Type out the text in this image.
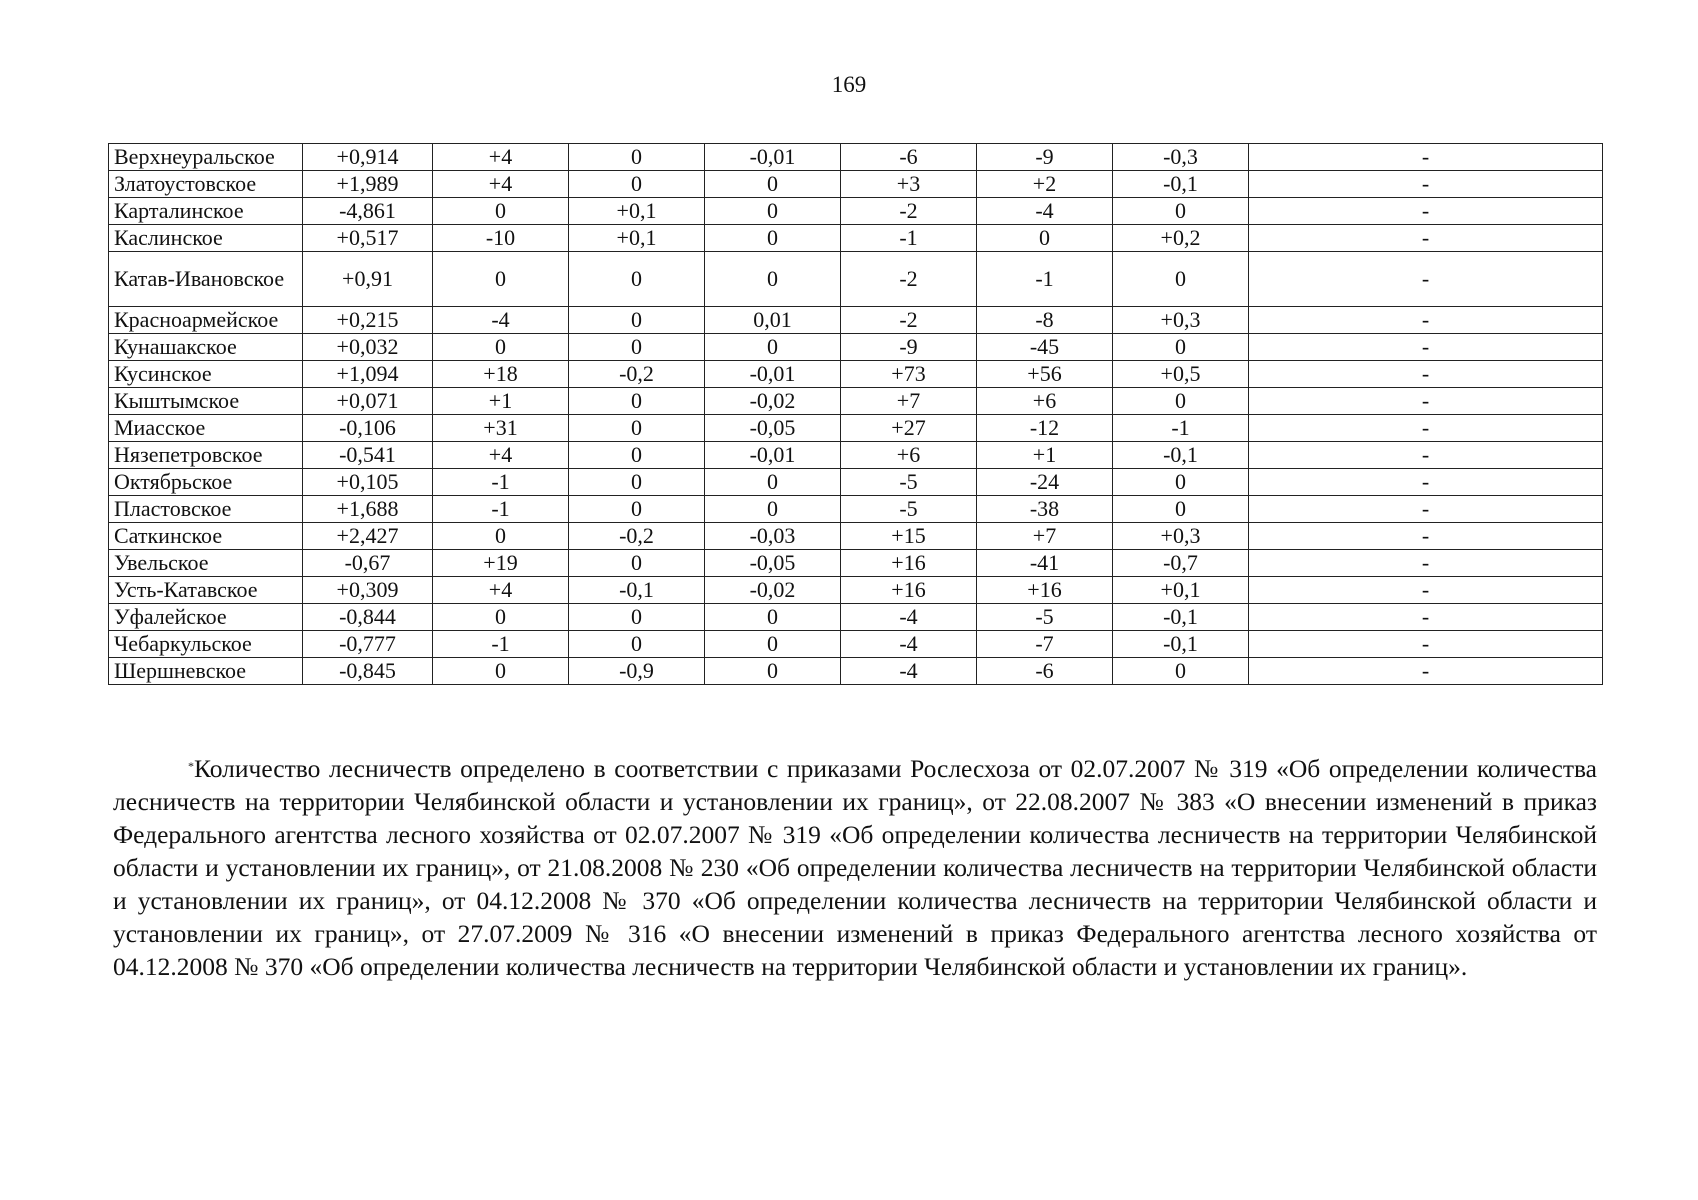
169
Верхнеуральское	+0,914	+4	0	-0,01	-6	-9	-0,3	-
Златоустовское	+1,989	+4	0	0	+3	+2	-0,1	-
Карталинское	-4,861	0	+0,1	0	-2	-4	0	-
Каслинское	+0,517	-10	+0,1	0	-1	0	+0,2	-
Катав-Ивановское	+0,91	0	0	0	-2	-1	0	-
Красноармейское	+0,215	-4	0	0,01	-2	-8	+0,3	-
Кунашакское	+0,032	0	0	0	-9	-45	0	-
Кусинское	+1,094	+18	-0,2	-0,01	+73	+56	+0,5	-
Кыштымское	+0,071	+1	0	-0,02	+7	+6	0	-
Миасское	-0,106	+31	0	-0,05	+27	-12	-1	-
Нязепетровское	-0,541	+4	0	-0,01	+6	+1	-0,1	-
Октябрьское	+0,105	-1	0	0	-5	-24	0	-
Пластовское	+1,688	-1	0	0	-5	-38	0	-
Саткинское	+2,427	0	-0,2	-0,03	+15	+7	+0,3	-
Увельское	-0,67	+19	0	-0,05	+16	-41	-0,7	-
Усть-Катавское	+0,309	+4	-0,1	-0,02	+16	+16	+0,1	-
Уфалейское	-0,844	0	0	0	-4	-5	-0,1	-
Чебаркульское	-0,777	-1	0	0	-4	-7	-0,1	-
Шершневское	-0,845	0	-0,9	0	-4	-6	0	-
*Количество лесничеств определено в соответствии с приказами Рослесхоза от 02.07.2007 № 319 «Об определении количества лесничеств на территории Челябинской области и установлении их границ», от 22.08.2007 № 383 «О внесении изменений в приказ Федерального агентства лесного хозяйства от 02.07.2007 № 319 «Об определении количества лесничеств на территории Челябинской области и установлении их границ», от 21.08.2008 № 230 «Об определении количества лесничеств на территории Челябинской области и установлении их границ», от 04.12.2008 № 370 «Об определении количества лесничеств на территории Челябинской области и установлении их границ», от 27.07.2009 № 316 «О внесении изменений в приказ Федерального агентства лесного хозяйства от 04.12.2008 № 370 «Об определении количества лесничеств на территории Челябинской области и установлении их границ».
